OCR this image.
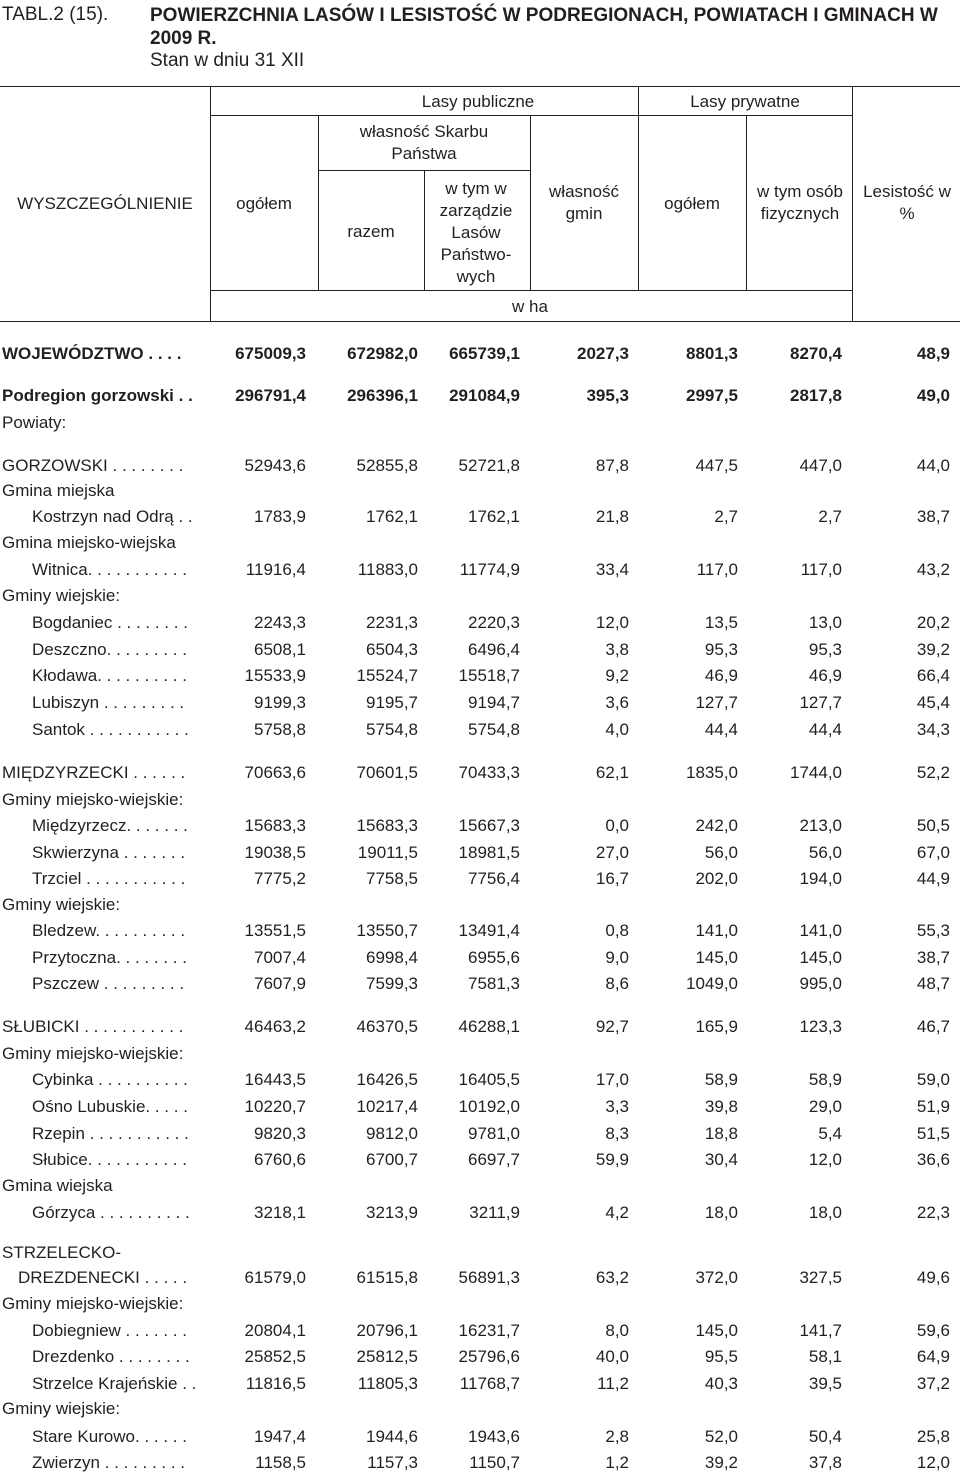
TABL.2 (15). POWIERZCHNIA LASÓW I LESISTOŚĆ W PODREGIONACH, POWIATACH I GMINACH W 2009 R.
Stan w dniu 31 XII
WYSZCZEGÓLNIENIE
Lasy publiczne	Lasy prywatne
ogółem
własność Skarbu Państwa
razem
w tym w zarządzie Lasów Państwo-wych
własność gmin
ogółem
w tym osób fizycznych
Lesistość w %
w ha
WOJEWÓDZTWO . . . .	675009,3 672982,0 665739,1	2027,3	8801,3	8270,4	48,9
Podregion gorzowski . . 296791,4 296396,1 291084,9	395,3	2997,5	2817,8	49,0
Powiaty:
GORZOWSKI . . . . . . . .	52943,6	52855,8 52721,8	87,8	447,5	447,0	44,0
Gmina miejska
Kostrzyn nad Odrą . .	1783,9	1762,1	1762,1	21,8	2,7	2,7	38,7
Gmina miejsko-wiejska
Witnica. . . . . . . . . . .	11916,4	11883,0 11774,9	33,4	117,0	117,0	43,2
Gminy wiejskie:
Bogdaniec . . . . . . . .	2243,3	2231,3	2220,3	12,0	13,5	13,0	20,2
Deszczno. . . . . . . . .	6508,1	6504,3	6496,4	3,8	95,3	95,3	39,2
Kłodawa. . . . . . . . . .	15533,9	15524,7 15518,7	9,2	46,9	46,9	66,4
Lubiszyn . . . . . . . . .	9199,3	9195,7	9194,7	3,6	127,7	127,7	45,4
Santok . . . . . . . . . . .	5758,8	5754,8	5754,8	4,0	44,4	44,4	34,3
MIĘDZYRZECKI . . . . . .	70663,6	70601,5 70433,3	62,1	1835,0	1744,0	52,2
Gminy miejsko-wiejskie:
Międzyrzecz. . . . . . .	15683,3	15683,3 15667,3	0,0	242,0	213,0	50,5
Skwierzyna . . . . . . .	19038,5	19011,5 18981,5	27,0	56,0	56,0	67,0
Trzciel . . . . . . . . . . .	7775,2	7758,5	7756,4	16,7	202,0	194,0	44,9
Gminy wiejskie:
Bledzew. . . . . . . . . .	13551,5	13550,7 13491,4	0,8	141,0	141,0	55,3
Przytoczna. . . . . . . .	7007,4	6998,4	6955,6	9,0	145,0	145,0	38,7
Pszczew . . . . . . . . .	7607,9	7599,3	7581,3	8,6	1049,0	995,0	48,7
SŁUBICKI . . . . . . . . . . .	46463,2	46370,5 46288,1	92,7	165,9	123,3	46,7
Gminy miejsko-wiejskie:
Cybinka . . . . . . . . . .	16443,5	16426,5 16405,5	17,0	58,9	58,9	59,0
Ośno Lubuskie. . . . .	10220,7	10217,4 10192,0	3,3	39,8	29,0	51,9
Rzepin . . . . . . . . . . .	9820,3	9812,0	9781,0	8,3	18,8	5,4	51,5
Słubice. . . . . . . . . . .	6760,6	6700,7	6697,7	59,9	30,4	12,0	36,6
Gmina wiejska
Górzyca . . . . . . . . . .	3218,1	3213,9	3211,9	4,2	18,0	18,0	22,3
STRZELECKO-
DREZDENECKI . . . . .	61579,0	61515,8 56891,3	63,2	372,0	327,5	49,6
Gminy miejsko-wiejskie:
Dobiegniew . . . . . . .	20804,1	20796,1 16231,7	8,0	145,0	141,7	59,6
Drezdenko . . . . . . . .	25852,5	25812,5 25796,6	40,0	95,5	58,1	64,9
Strzelce Krajeńskie . .	11816,5	11805,3 11768,7	11,2	40,3	39,5	37,2
Gminy wiejskie:
Stare Kurowo. . . . . .	1947,4	1944,6	1943,6	2,8	52,0	50,4	25,8
Zwierzyn . . . . . . . . .	1158,5	1157,3	1150,7	1,2	39,2	37,8	12,0
